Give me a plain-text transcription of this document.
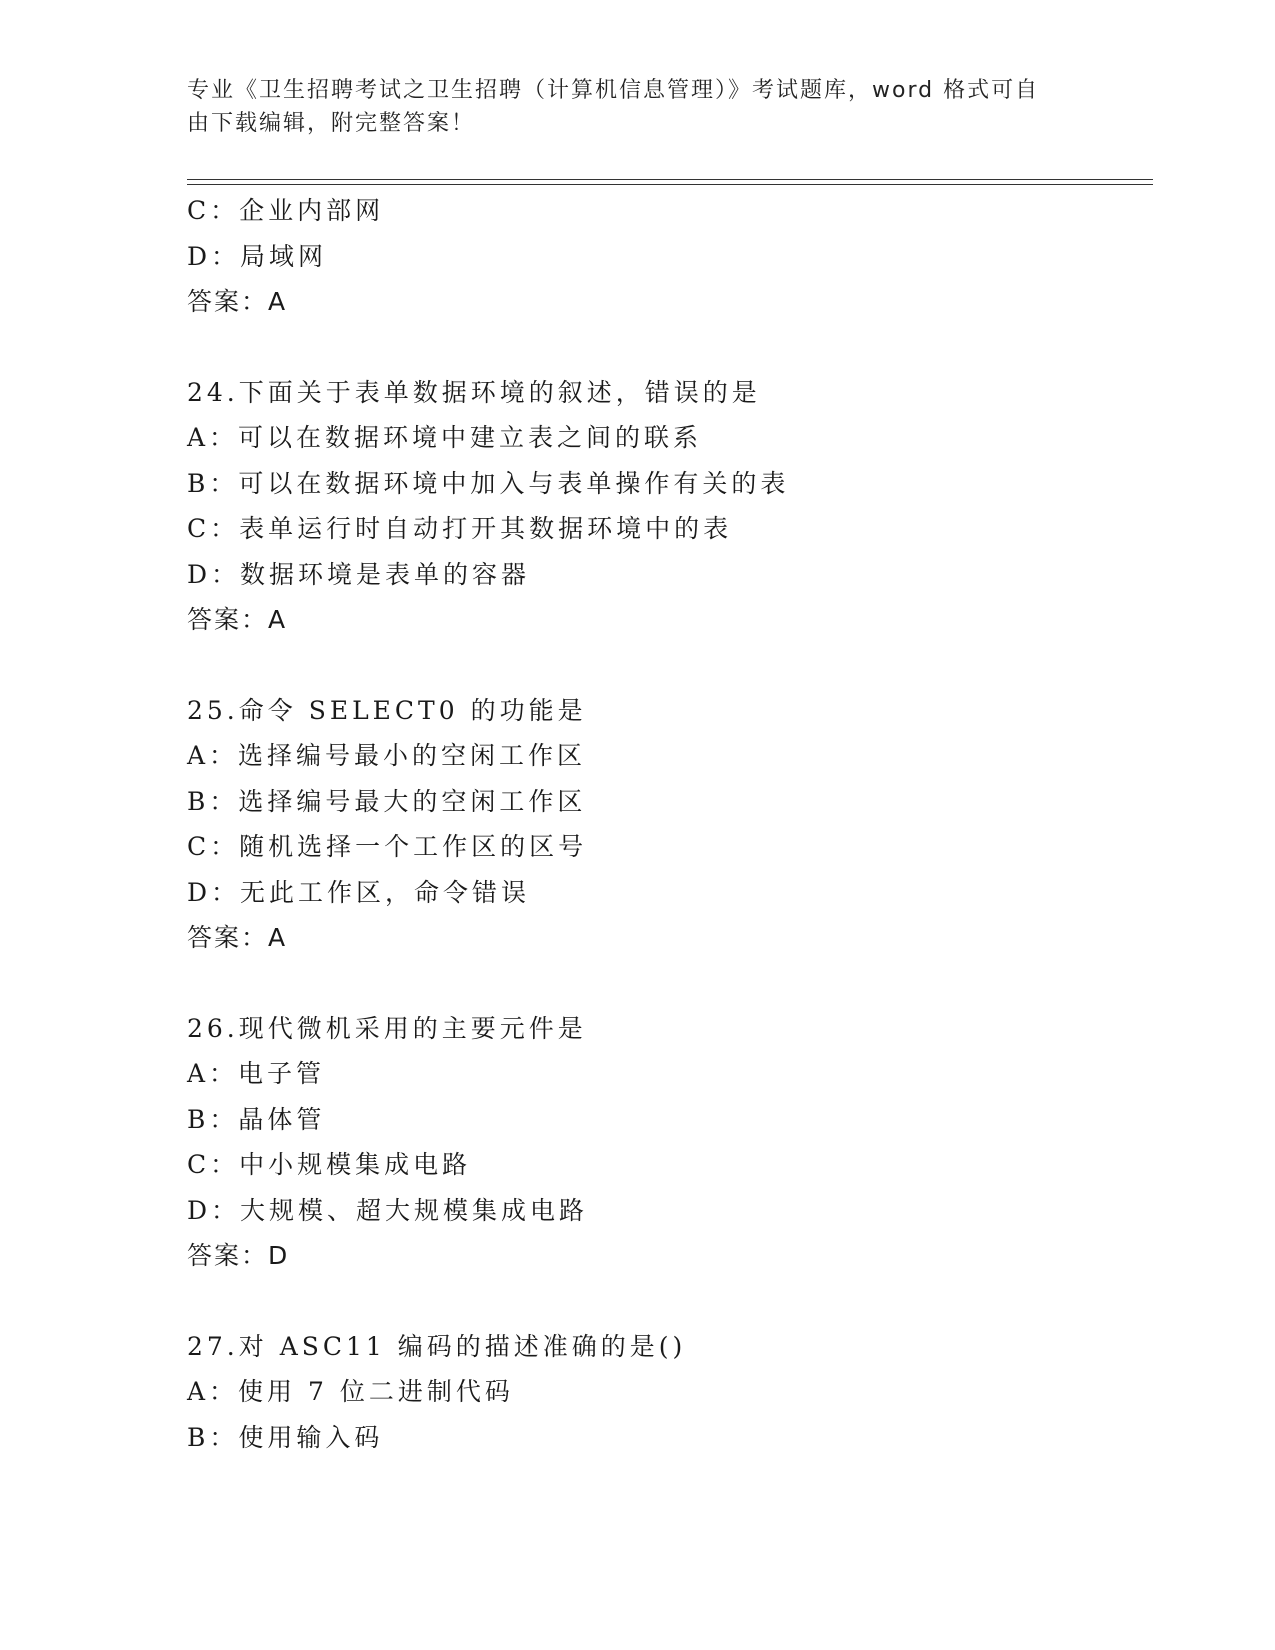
专业《卫生招聘考试之卫生招聘（计算机信息管理）》考试题库，word 格式可自
由下载编辑，附完整答案！
C：企业内部网
D：局域网
答案：A
24.下面关于表单数据环境的叙述，错误的是
A：可以在数据环境中建立表之间的联系
B：可以在数据环境中加入与表单操作有关的表
C：表单运行时自动打开其数据环境中的表
D：数据环境是表单的容器
答案：A
25.命令 SELECT0 的功能是
A：选择编号最小的空闲工作区
B：选择编号最大的空闲工作区
C：随机选择一个工作区的区号
D：无此工作区，命令错误
答案：A
26.现代微机采用的主要元件是
A：电子管
B：晶体管
C：中小规模集成电路
D：大规模、超大规模集成电路
答案：D
27.对 ASC11 编码的描述准确的是()
A：使用 7 位二进制代码
B：使用输入码
